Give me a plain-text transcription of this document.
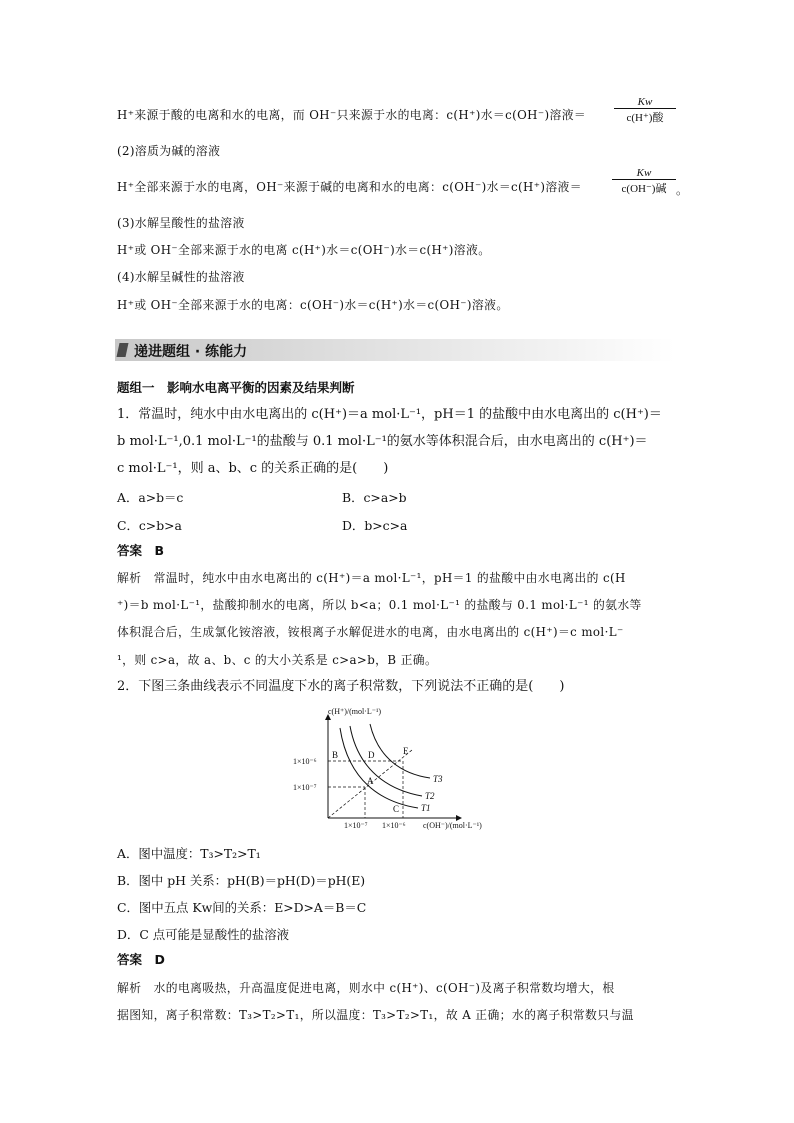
H⁺来源于酸的电离和水的电离，而 OH⁻只来源于水的电离：c(H⁺)水＝c(OH⁻)溶液＝
Kw
c(H⁺)酸
(2)溶质为碱的溶液
H⁺全部来源于水的电离，OH⁻来源于碱的电离和水的电离：c(OH⁻)水＝c(H⁺)溶液＝
Kw
c(OH⁻)碱 。
(3)水解呈酸性的盐溶液
H⁺或 OH⁻全部来源于水的电离 c(H⁺)水＝c(OH⁻)水＝c(H⁺)溶液。
(4)水解呈碱性的盐溶液
H⁺或 OH⁻全部来源于水的电离：c(OH⁻)水＝c(H⁺)水＝c(OH⁻)溶液。
递进题组 · 练能力
题组一　影响水电离平衡的因素及结果判断
1．常温时，纯水中由水电离出的 c(H⁺)＝a mol·L⁻¹，pH＝1 的盐酸中由水电离出的 c(H⁺)＝
b mol·L⁻¹,0.1 mol·L⁻¹的盐酸与 0.1 mol·L⁻¹的氨水等体积混合后，由水电离出的 c(H⁺)＝
c mol·L⁻¹，则 a、b、c 的关系正确的是(　　)
A．a>b＝c	B．c>a>b
C．c>b>a	D．b>c>a
答案　B
解析　常温时，纯水中由水电离出的 c(H⁺)＝a mol·L⁻¹，pH＝1 的盐酸中由水电离出的 c(H
⁺)＝b mol·L⁻¹，盐酸抑制水的电离，所以 b<a；0.1 mol·L⁻¹ 的盐酸与 0.1 mol·L⁻¹ 的氨水等
体积混合后，生成氯化铵溶液，铵根离子水解促进水的电离，由水电离出的 c(H⁺)＝c mol·L⁻
¹，则 c>a，故 a、b、c 的大小关系是 c>a>b，B 正确。
2．下图三条曲线表示不同温度下水的离子积常数，下列说法不正确的是(　　)
c(H⁺)/(mol·L⁻¹)
c(OH⁻)/(mol·L⁻¹)
1×10⁻⁶
1×10⁻⁷
1×10⁻⁷ 1×10⁻⁶
B	D	E
A
C
T3
T2
T1
A．图中温度：T₃>T₂>T₁
B．图中 pH 关系：pH(B)＝pH(D)＝pH(E)
C．图中五点 Kw间的关系：E>D>A＝B＝C
D．C 点可能是显酸性的盐溶液
答案　D
解析　水的电离吸热，升高温度促进电离，则水中 c(H⁺)、c(OH⁻)及离子积常数均增大，根
据图知，离子积常数：T₃>T₂>T₁，所以温度：T₃>T₂>T₁，故 A 正确；水的离子积常数只与温
